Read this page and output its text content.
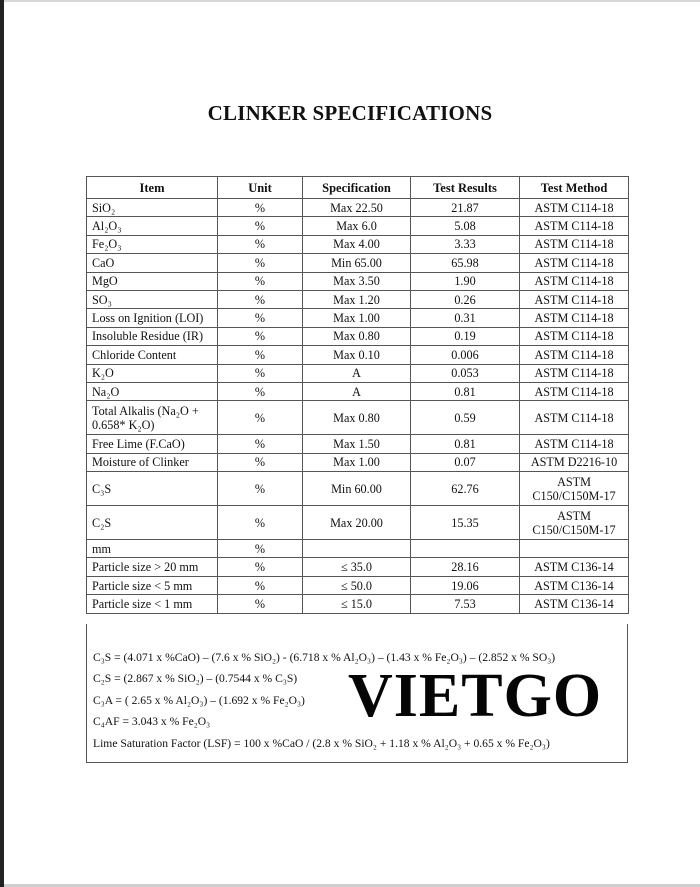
CLINKER SPECIFICATIONS
Item	Unit	Specification	Test Results	Test Method
SiO₂	%	Max 22.50	21.87	ASTM C114-18
Al₂O₃	%	Max 6.0	5.08	ASTM C114-18
Fe₂O₃	%	Max 4.00	3.33	ASTM C114-18
CaO	%	Min 65.00	65.98	ASTM C114-18
MgO	%	Max 3.50	1.90	ASTM C114-18
SO₃	%	Max 1.20	0.26	ASTM C114-18
Loss on Ignition (LOI)	%	Max 1.00	0.31	ASTM C114-18
Insoluble Residue (IR)	%	Max 0.80	0.19	ASTM C114-18
Chloride Content	%	Max 0.10	0.006	ASTM C114-18
K₂O	%	A	0.053	ASTM C114-18
Na₂O	%	A	0.81	ASTM C114-18
Total Alkalis (Na₂O + 0.658* K₂O)	%	Max 0.80	0.59	ASTM C114-18
Free Lime (F.CaO)	%	Max 1.50	0.81	ASTM C114-18
Moisture of Clinker	%	Max 1.00	0.07	ASTM D2216-10
C₃S	%	Min 60.00	62.76	ASTM C150/C150M-17
C₂S	%	Max 20.00	15.35	ASTM C150/C150M-17
mm	%			
Particle size > 20 mm	%	≤ 35.0	28.16	ASTM C136-14
Particle size < 5 mm	%	≤ 50.0	19.06	ASTM C136-14
Particle size < 1 mm	%	≤ 15.0	7.53	ASTM C136-14
C₃S = (4.071 x %CaO) – (7.6 x % SiO₂) - (6.718 x % Al₂O₃) – (1.43 x % Fe₂O₃) – (2.852 x % SO₃)
C₂S = (2.867 x % SiO₂) – (0.7544 x % C₃S)
C₃A = ( 2.65 x % Al₂O₃) – (1.692 x % Fe₂O₃)
C₄AF = 3.043 x % Fe₂O₃
Lime Saturation Factor (LSF) = 100 x %CaO / (2.8 x % SiO₂ + 1.18 x % Al₂O₃ + 0.65 x % Fe₂O₃)
VIETGO
